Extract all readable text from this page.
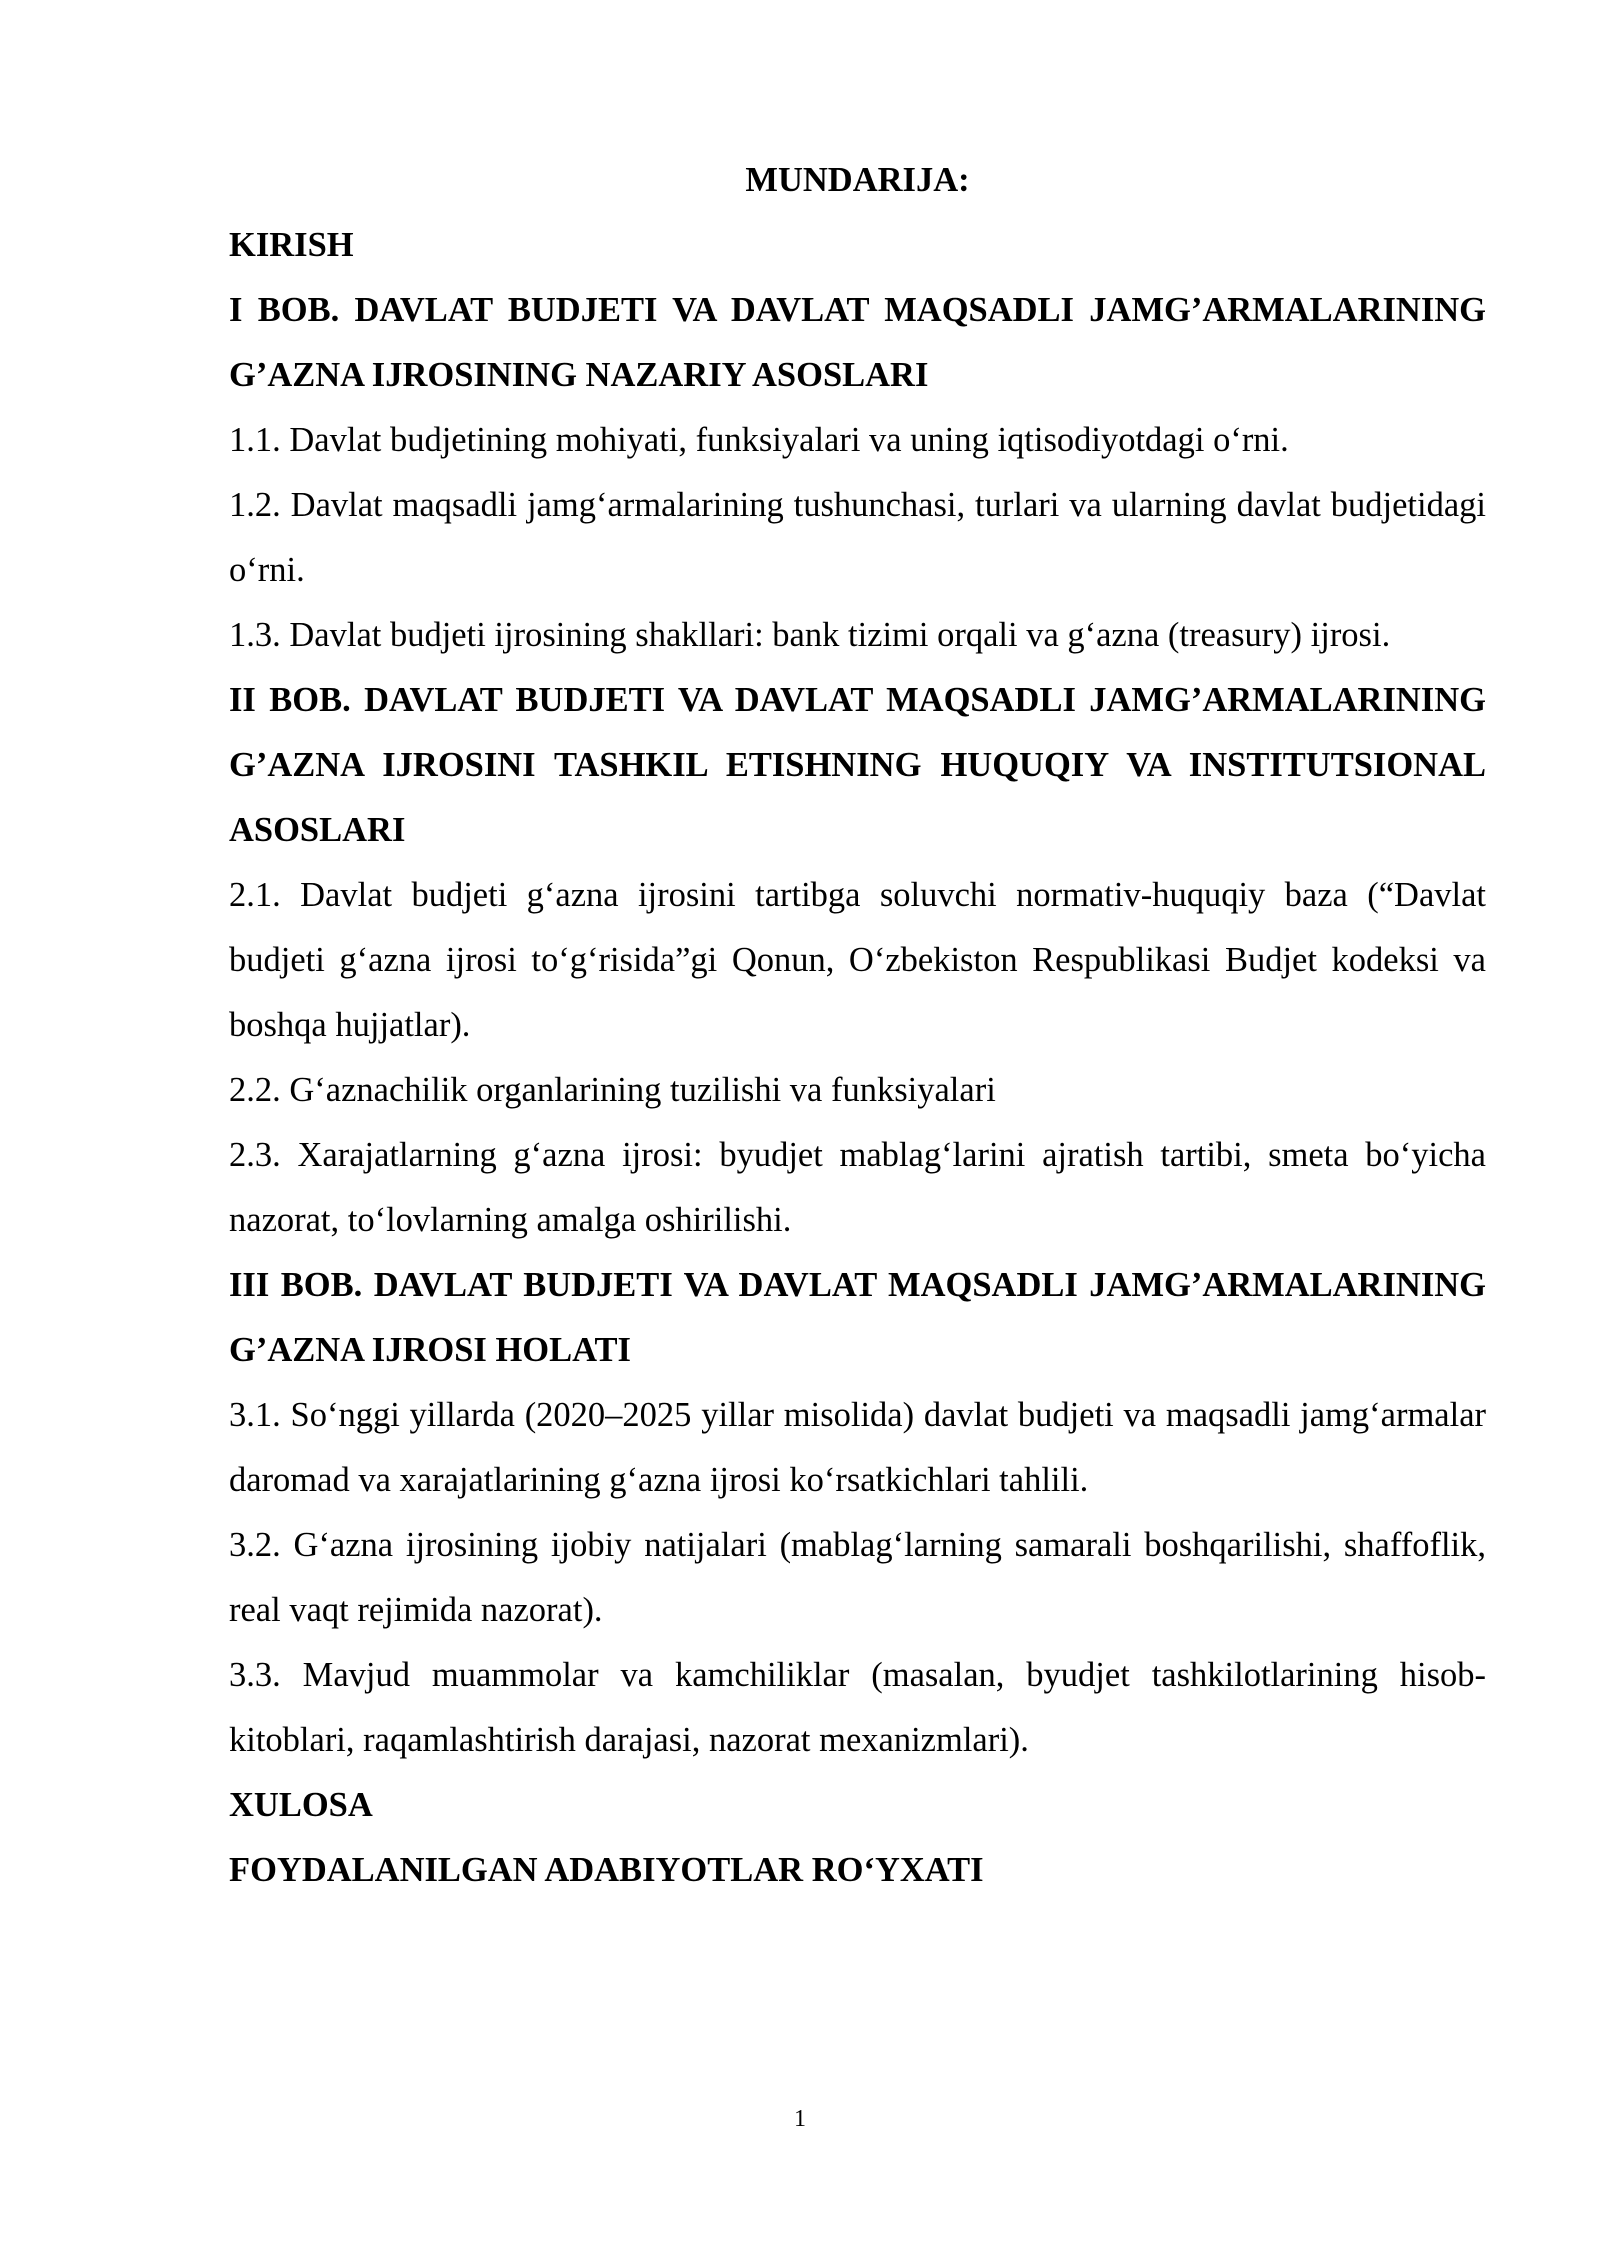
MUNDARIJA:

KIRISH

I BOB. DAVLAT BUDJETI VA DAVLAT MAQSADLI JAMG’ARMALARINING G’AZNA IJROSINING NAZARIY ASOSLARI

1.1. Davlat budjetining mohiyati, funksiyalari va uning iqtisodiyotdagi o‘rni.

1.2. Davlat maqsadli jamg‘armalarining tushunchasi, turlari va ularning davlat budjetidagi o‘rni.

1.3. Davlat budjeti ijrosining shakllari: bank tizimi orqali va g‘azna (treasury) ijrosi.

II BOB. DAVLAT BUDJETI VA DAVLAT MAQSADLI JAMG’ARMALARINING G’AZNA IJROSINI TASHKIL ETISHNING HUQUQIY VA INSTITUTSIONAL ASOSLARI

2.1. Davlat budjeti g‘azna ijrosini tartibga soluvchi normativ-huquqiy baza (“Davlat budjeti g‘azna ijrosi to‘g‘risida”gi Qonun, O‘zbekiston Respublikasi Budjet kodeksi va boshqa hujjatlar).

2.2. G‘aznachilik organlarining tuzilishi va funksiyalari

2.3. Xarajatlarning g‘azna ijrosi: byudjet mablag‘larini ajratish tartibi, smeta bo‘yicha nazorat, to‘lovlarning amalga oshirilishi.

III BOB. DAVLAT BUDJETI VA DAVLAT MAQSADLI JAMG’ARMALARINING G’AZNA IJROSI HOLATI

3.1. So‘nggi yillarda (2020–2025 yillar misolida) davlat budjeti va maqsadli jamg‘armalar daromad va xarajatlarining g‘azna ijrosi ko‘rsatkichlari tahlili.

3.2. G‘azna ijrosining ijobiy natijalari (mablag‘larning samarali boshqarilishi, shaffoflik, real vaqt rejimida nazorat).

3.3. Mavjud muammolar va kamchiliklar (masalan, byudjet tashkilotlarining hisob-kitoblari, raqamlashtirish darajasi, nazorat mexanizmlari).

XULOSA

FOYDALANILGAN ADABIYOTLAR RO‘YXATI

1
